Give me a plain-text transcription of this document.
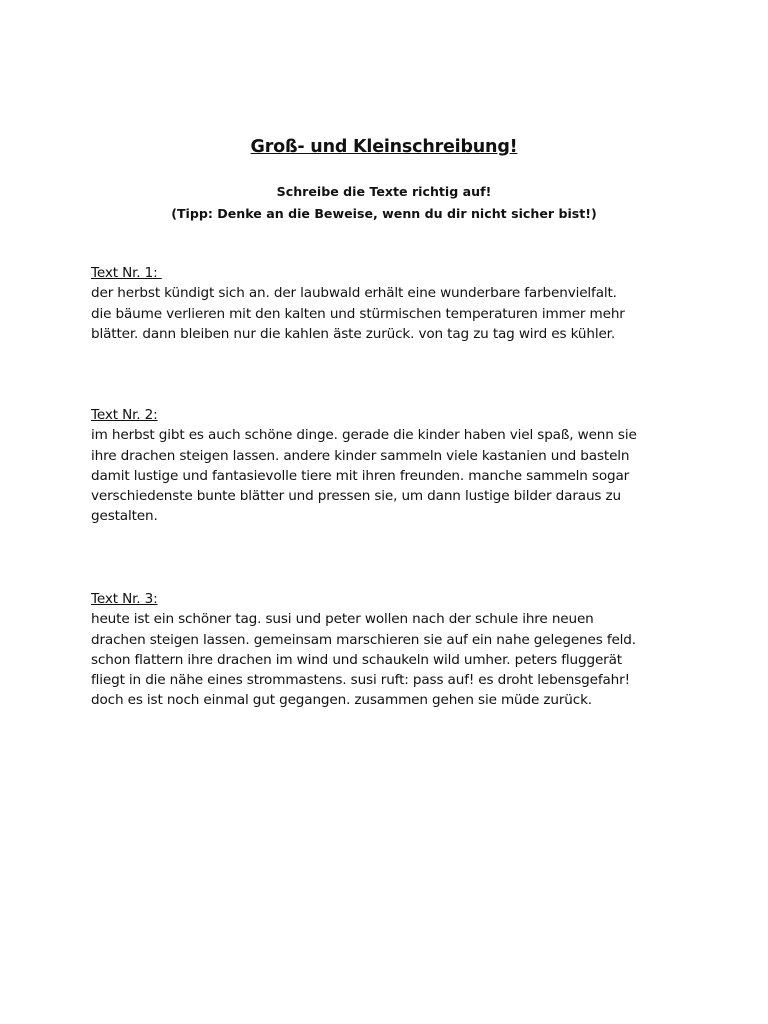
Groß- und Kleinschreibung!
Schreibe die Texte richtig auf!
(Tipp: Denke an die Beweise, wenn du dir nicht sicher bist!)
Text Nr. 1:
der herbst kündigt sich an. der laubwald erhält eine wunderbare farbenvielfalt.
die bäume verlieren mit den kalten und stürmischen temperaturen immer mehr
blätter. dann bleiben nur die kahlen äste zurück. von tag zu tag wird es kühler.
Text Nr. 2:
im herbst gibt es auch schöne dinge. gerade die kinder haben viel spaß, wenn sie
ihre drachen steigen lassen. andere kinder sammeln viele kastanien und basteln
damit lustige und fantasievolle tiere mit ihren freunden. manche sammeln sogar
verschiedenste bunte blätter und pressen sie, um dann lustige bilder daraus zu
gestalten.
Text Nr. 3:
heute ist ein schöner tag. susi und peter wollen nach der schule ihre neuen
drachen steigen lassen. gemeinsam marschieren sie auf ein nahe gelegenes feld.
schon flattern ihre drachen im wind und schaukeln wild umher. peters fluggerät
fliegt in die nähe eines strommastens. susi ruft: pass auf! es droht lebensgefahr!
doch es ist noch einmal gut gegangen. zusammen gehen sie müde zurück.
